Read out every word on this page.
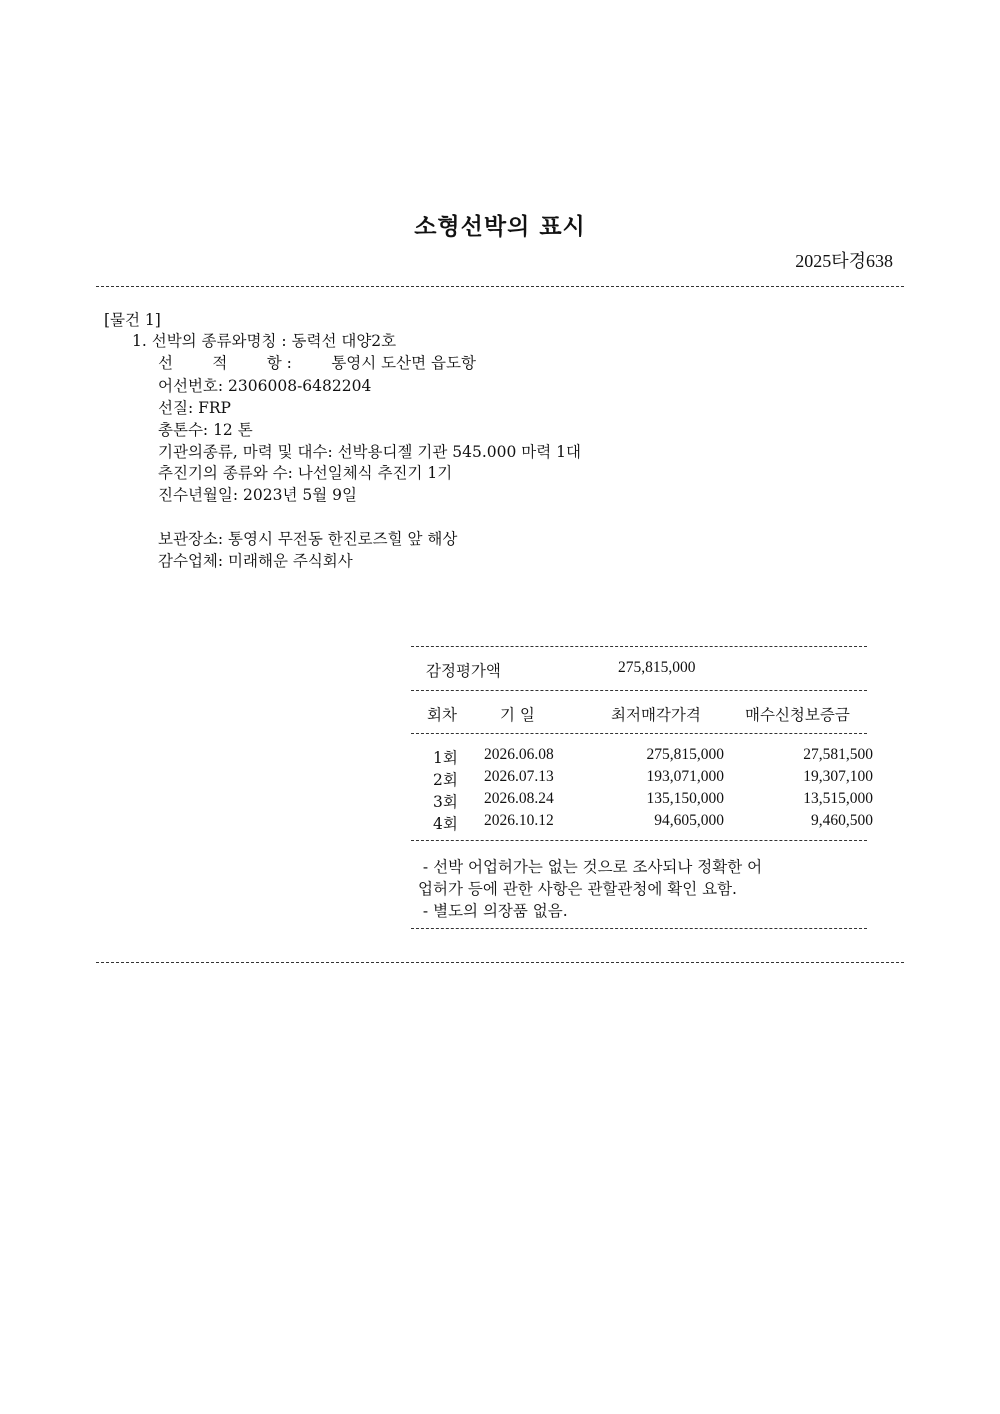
소형선박의 표시
2025타경638
[물건 1]
1. 선박의 종류와명칭 : 동력선 대양2호
선        적        항 :        통영시 도산면 읍도항
어선번호: 2306008-6482204
선질: FRP
총톤수: 12 톤
기관의종류, 마력 및 대수: 선박용디젤 기관 545.000 마력 1대
추진기의 종류와 수: 나선일체식 추진기 1기
진수년월일: 2023년 5월 9일
보관장소: 통영시 무전동 한진로즈힐 앞 해상
감수업체: 미래해운 주식회사
감정평가액	275,815,000
회차	기 일	최저매각가격	매수신청보증금
1회 2026.06.08	275,815,000	27,581,500
2회 2026.07.13	193,071,000	19,307,100
3회 2026.08.24	135,150,000	13,515,000
4회 2026.10.12	94,605,000	9,460,500
- 선박 어업허가는 없는 것으로 조사되나 정확한 어
업허가 등에 관한 사항은 관할관청에 확인 요함.
- 별도의 의장품 없음.
